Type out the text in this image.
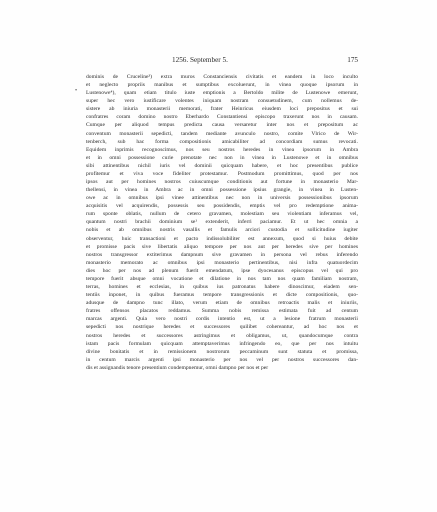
1256. September 5.	175
•
dominis de Cruceline³) extra muros Constanciensis civitatis et eandem in loco inculto
et neglecto propriis manibus et sumptibus excoluerunt, in vinea quoque ipsorum in
Lustenowe⁴), quam etiam titulo iuste emptionis a Bertoldo milite de Lustenowe emerunt,
super hec vero iustificare volentes iniquam nostram consuetudinem, cum nollemus de-
sistere ab iniuria monasterii memorati, frater Heinricus eiusdem loci prepositus et sui
confratres coram domino nostro Eberhardo Constantiensi episcopo traxerunt nos in causam.
Cumque per aliquod tempus predicta causa versaretur inter nos et prepositum ac
conventum monasterii sepedicti, tandem mediante avunculo nostro, comite Vlrico de Wir-
tenberch, sub hac forma compositionis amicabiliter ad concordiam sumus revocati.
Equidem inprimis recognoscimus, nos seu nostros heredes in vinea ipsorum in Ambra
et in omni possessione curie prenotate nec non in vinea in Lustenowe et in omnibus
sibi attinentibus nichil iuris vel dominii quicquam habere, et hoc presentibus publice
profitemur et viva voce fideliter protestamur. Postmodum promittimus, quod per nos
ipsos aut per homines nostros cuiuscumque conditionis aut fortune in monasterio Mar-
thellensi, in vinea in Ambra ac in omni possessione ipsius grangie, in vinea in Lusten-
owe ac in omnibus ipsi vinee attinentibus nec non in universis possessionibus ipsorum
acquisitis vel acquirendis, possessis seu possidendis, emptis vel pro redemptione anima-
rum sponte oblatis, nullum de cetero gravamen, molestiam seu violentiam inferamus vel,
quantum nostri brachii dominium se¹ extenderit, inferri paciamur. Et ut hec omnia a
nobis et ab omnibus nostris vasallis et famulis arciori custodia et sollicitudine iugiter
observentur, huic transactioni et pacto indissolubiliter est annexum, quod si huius debite
et promisse pacis sive libertatis aliquo tempore per nos aut per heredes sive per homines
nostros transgressor extiterimus dampnum sive gravamen in persona vel rebus inferendo
monasterio memorato ac omnibus ipsi monasterio pertinentibus, nisi infra quatuordecim
dies hoc per nos ad plenum fuerit emendatum, ipse dyocesanus episcopus vel qui pro
tempore fuerit absque omni vocatione et dilatione in nos tam nos quam familiam nostram,
terras, homines et ecclesias, in quibus ius patronatus habere dinoscimur, eiadem sen-
tentiis inponet, in quibus fueramus tempore transgressionis et dicte compositionis, quo-
adusque de dampno tunc illato, verum etiam de omnibus retroactis malis et iniuriis,
fratres offensos placatos reddamus. Summa nobis remissa estimata fuit ad centum
marcas argenti. Quia vero nostri cordis intentio est, ut a lesione fratrum monasterii
sepedicti nos nostrique heredes et successores quilibet cohereantur, ad hoc nos et
nostros heredes et successores astringimus et obligamus, ut, quandocumque contra
istam pacis formulam quicquam attemptaverimus infringendo eo, que per nos intuitu
divine bonitatis et in remissionem nostrorum peccaminum sunt statuta et promissa,
in centum marcis argenti ipsi monasterio per nos vel per nostros successores dan-
dis et assignandis tenore presentium condempnemur, omni dampno per nos et per
